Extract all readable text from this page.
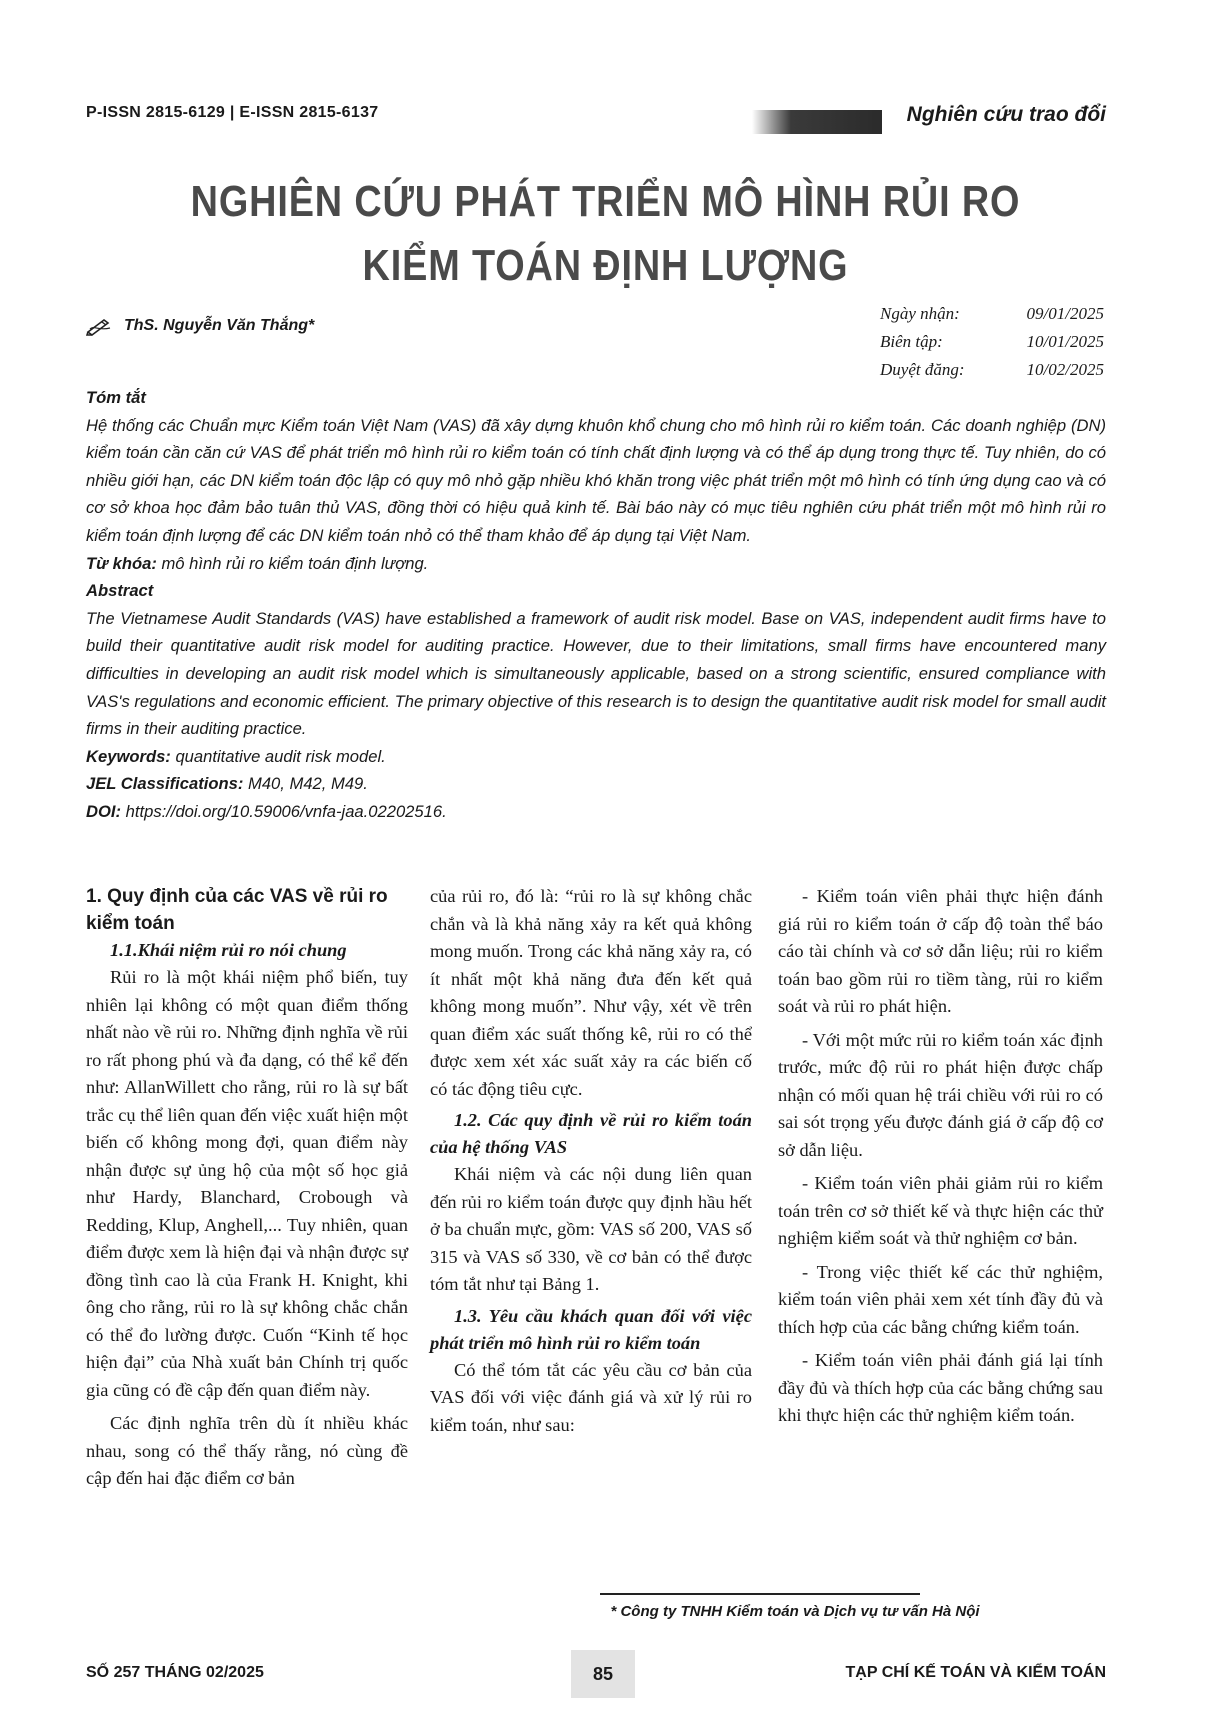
P-ISSN 2815-6129 | E-ISSN 2815-6137	Nghiên cứu trao đổi
NGHIÊN CỨU PHÁT TRIỂN MÔ HÌNH RỦI RO
KIỂM TOÁN ĐỊNH LƯỢNG
ThS. Nguyễn Văn Thắng*
Ngày nhận:	09/01/2025
Biên tập:	10/01/2025
Duyệt đăng:	10/02/2025

Tóm tắt

Hệ thống các Chuẩn mực Kiểm toán Việt Nam (VAS) đã xây dựng khuôn khổ chung cho mô hình rủi ro kiểm toán. Các doanh nghiệp (DN) kiểm toán cần căn cứ VAS để phát triển mô hình rủi ro kiểm toán có tính chất định lượng và có thể áp dụng trong thực tế. Tuy nhiên, do có nhiều giới hạn, các DN kiểm toán độc lập có quy mô nhỏ gặp nhiều khó khăn trong việc phát triển một mô hình có tính ứng dụng cao và có cơ sở khoa học đảm bảo tuân thủ VAS, đồng thời có hiệu quả kinh tế. Bài báo này có mục tiêu nghiên cứu phát triển một mô hình rủi ro kiểm toán định lượng để các DN kiểm toán nhỏ có thể tham khảo để áp dụng tại Việt Nam.

Từ khóa: mô hình rủi ro kiểm toán định lượng.

Abstract

The Vietnamese Audit Standards (VAS) have established a framework of audit risk model. Base on VAS, independent audit firms have to build their quantitative audit risk model for auditing practice. However, due to their limitations, small firms have encountered many difficulties in developing an audit risk model which is simultaneously applicable, based on a strong scientific, ensured compliance with VAS's regulations and economic efficient. The primary objective of this research is to design the quantitative audit risk model for small audit firms in their auditing practice.

Keywords: quantitative audit risk model.

JEL Classifications: M40, M42, M49.

DOI: https://doi.org/10.59006/vnfa-jaa.02202516.

1. Quy định của các VAS về rủi ro kiểm toán
1.1.Khái niệm rủi ro nói chung

Rủi ro là một khái niệm phổ biến, tuy nhiên lại không có một quan điểm thống nhất nào về rủi ro. Những định nghĩa về rủi ro rất phong phú và đa dạng, có thể kể đến như: AllanWillett cho rằng, rủi ro là sự bất trắc cụ thể liên quan đến việc xuất hiện một biến cố không mong đợi, quan điểm này nhận được sự ủng hộ của một số học giả như Hardy, Blanchard, Crobough và Redding, Klup, Anghell,... Tuy nhiên, quan điểm được xem là hiện đại và nhận được sự đồng tình cao là của Frank H. Knight, khi ông cho rằng, rủi ro là sự không chắc chắn có thể đo lường được. Cuốn “Kinh tế học hiện đại” của Nhà xuất bản Chính trị quốc gia cũng có đề cập đến quan điểm này.

Các định nghĩa trên dù ít nhiều khác nhau, song có thể thấy rằng, nó cùng đề cập đến hai đặc điểm cơ bản

của rủi ro, đó là: “rủi ro là sự không chắc chắn và là khả năng xảy ra kết quả không mong muốn. Trong các khả năng xảy ra, có ít nhất một khả năng đưa đến kết quả không mong muốn”. Như vậy, xét về trên quan điểm xác suất thống kê, rủi ro có thể được xem xét xác suất xảy ra các biến cố có tác động tiêu cực.

1.2. Các quy định về rủi ro kiểm toán của hệ thống VAS

Khái niệm và các nội dung liên quan đến rủi ro kiểm toán được quy định hầu hết ở ba chuẩn mực, gồm: VAS số 200, VAS số 315 và VAS số 330, về cơ bản có thể được tóm tắt như tại Bảng 1.

1.3. Yêu cầu khách quan đối với việc phát triển mô hình rủi ro kiểm toán

Có thể tóm tắt các yêu cầu cơ bản của VAS đối với việc đánh giá và xử lý rủi ro kiểm toán, như sau:

- Kiểm toán viên phải thực hiện đánh giá rủi ro kiểm toán ở cấp độ toàn thể báo cáo tài chính và cơ sở dẫn liệu; rủi ro kiểm toán bao gồm rủi ro tiềm tàng, rủi ro kiểm soát và rủi ro phát hiện.

- Với một mức rủi ro kiểm toán xác định trước, mức độ rủi ro phát hiện được chấp nhận có mối quan hệ trái chiều với rủi ro có sai sót trọng yếu được đánh giá ở cấp độ cơ sở dẫn liệu.

- Kiểm toán viên phải giảm rủi ro kiểm toán trên cơ sở thiết kế và thực hiện các thử nghiệm kiểm soát và thử nghiệm cơ bản.

- Trong việc thiết kế các thử nghiệm, kiểm toán viên phải xem xét tính đầy đủ và thích hợp của các bằng chứng kiểm toán.

- Kiểm toán viên phải đánh giá lại tính đầy đủ và thích hợp của các bằng chứng sau khi thực hiện các thử nghiệm kiểm toán.

* Công ty TNHH Kiểm toán và Dịch vụ tư vấn Hà Nội
SỐ 257 THÁNG 02/2025	85	TẠP CHÍ KẾ TOÁN VÀ KIỂM TOÁN
